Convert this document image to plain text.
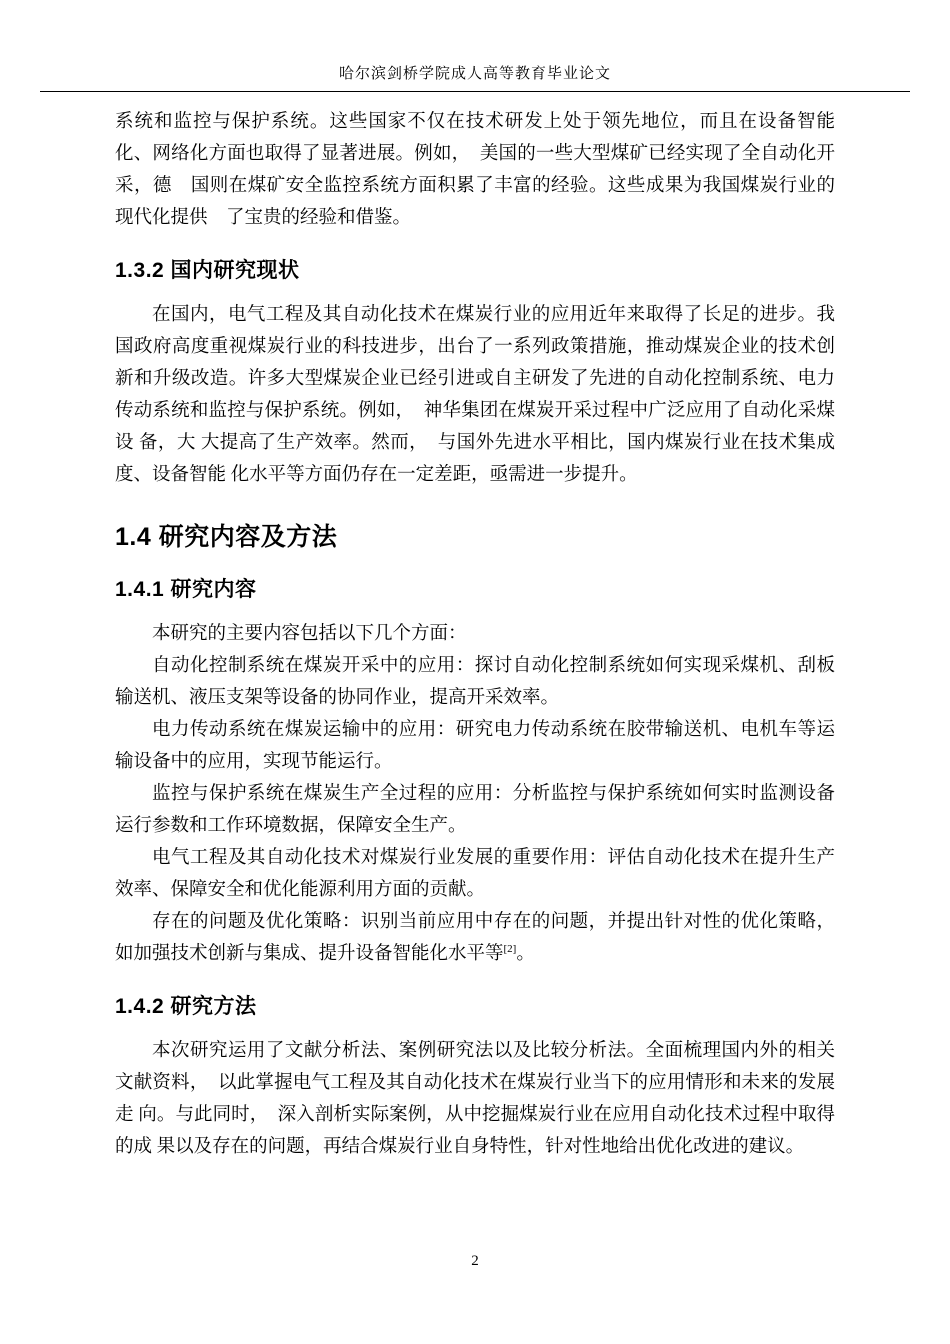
哈尔滨剑桥学院成人高等教育毕业论文

系统和监控与保护系统。这些国家不仅在技术研发上处于领先地位，而且在设备智能化、网络化方面也取得了显著进展。例如，　美国的一些大型煤矿已经实现了全自动化开采，德　国则在煤矿安全监控系统方面积累了丰富的经验。这些成果为我国煤炭行业的现代化提供　了宝贵的经验和借鉴。

1.3.2 国内研究现状

在国内，电气工程及其自动化技术在煤炭行业的应用近年来取得了长足的进步。我国政府高度重视煤炭行业的科技进步，出台了一系列政策措施，推动煤炭企业的技术创新和升级改造。许多大型煤炭企业已经引进或自主研发了先进的自动化控制系统、电力传动系统和监控与保护系统。例如，　神华集团在煤炭开采过程中广泛应用了自动化采煤设 备，大 大提高了生产效率。然而，　与国外先进水平相比，国内煤炭行业在技术集成度、设备智能 化水平等方面仍存在一定差距，亟需进一步提升。

1.4 研究内容及方法
1.4.1 研究内容

本研究的主要内容包括以下几个方面：

自动化控制系统在煤炭开采中的应用：探讨自动化控制系统如何实现采煤机、刮板输送机、液压支架等设备的协同作业，提高开采效率。

电力传动系统在煤炭运输中的应用：研究电力传动系统在胶带输送机、电机车等运输设备中的应用，实现节能运行。

监控与保护系统在煤炭生产全过程的应用：分析监控与保护系统如何实时监测设备运行参数和工作环境数据，保障安全生产。

电气工程及其自动化技术对煤炭行业发展的重要作用：评估自动化技术在提升生产效率、保障安全和优化能源利用方面的贡献。

存在的问题及优化策略：识别当前应用中存在的问题，并提出针对性的优化策略，如加强技术创新与集成、提升设备智能化水平等[2]。

1.4.2 研究方法

本次研究运用了文献分析法、案例研究法以及比较分析法。全面梳理国内外的相关文献资料，　以此掌握电气工程及其自动化技术在煤炭行业当下的应用情形和未来的发展走 向。与此同时，　深入剖析实际案例，从中挖掘煤炭行业在应用自动化技术过程中取得的成 果以及存在的问题，再结合煤炭行业自身特性，针对性地给出优化改进的建议。

2
